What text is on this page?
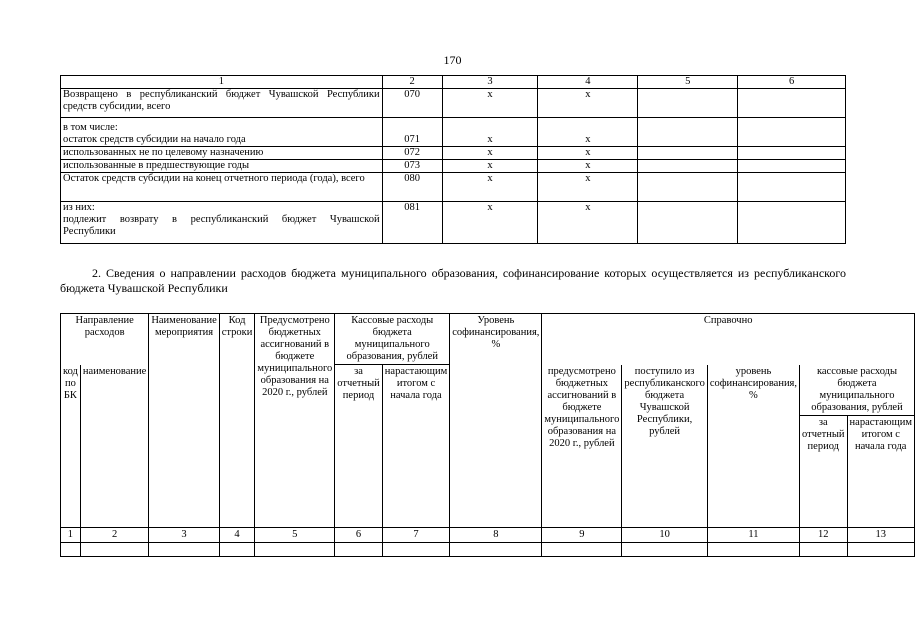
170
1	2	3	4	5	6
Возвращено в республиканский бюджет Чувашской Республики средств субсидии, всего	070	x	x		

в том числе:
остаток средств субсидии на начало года	071	x	x		
использованных не по целевому назначению	072	x	x		
использованные в предшествующие годы	073	x	x		
Остаток средств субсидии на конец отчетного периода (года), всего	080	x	x		
из них:
подлежит возврату в республиканский бюджет Чувашской Республики	081	x	x		
2. Сведения о направлении расходов бюджета муниципального образования, софинансирование которых осуществляется из республиканского бюджета Чувашской Республики
Направление расходов		Наименование мероприятия	Код строки	Предусмотрено бюджетных ассигнований в бюджете муниципального образования на 2020 г., рублей	Кассовые расходы бюджета муниципального образования, рублей		Уровень софинансирования, %	Справочно				
код по БК	наименование				за отчетный период	нарастающим итогом с начала года		предусмотрено бюджетных ассигнований в бюджете муниципального образования на 2020 г., рублей	поступило из республиканского бюджета Чувашской Республики, рублей	уровень софинансирования, %	кассовые расходы бюджета муниципального образования, рублей	
											за отчетный период	нарастающим итогом с начала года
1	2	3	4	5	6	7	8	9	10	11	12	13
